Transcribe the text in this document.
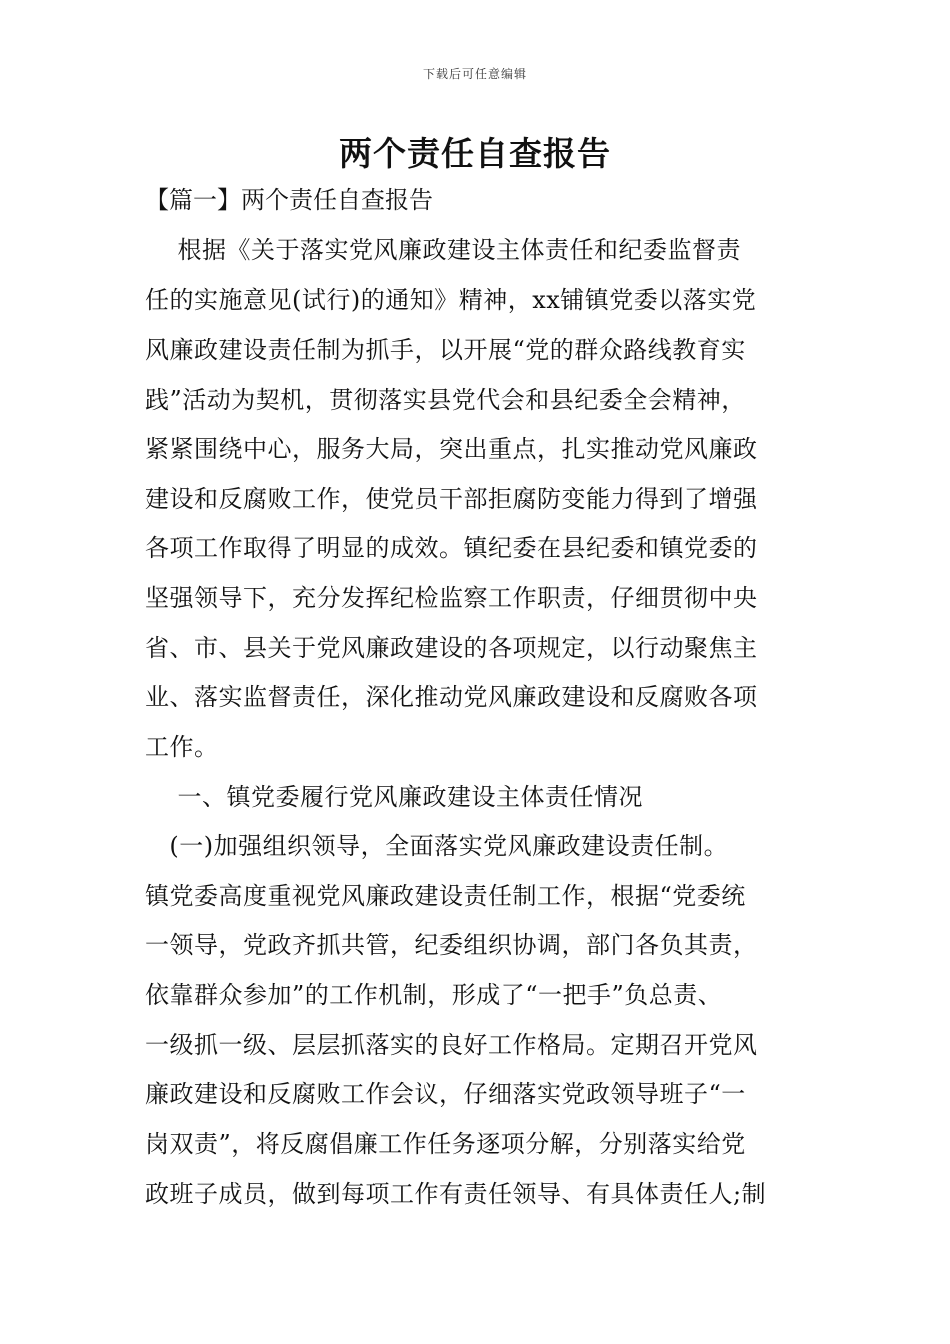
下载后可任意编辑
两个责任自查报告
【篇一】两个责任自查报告
根据《关于落实党风廉政建设主体责任和纪委监督责
任的实施意见(试行)的通知》精神，xx铺镇党委以落实党
风廉政建设责任制为抓手，以开展“党的群众路线教育实
践”活动为契机，贯彻落实县党代会和县纪委全会精神，
紧紧围绕中心，服务大局，突出重点，扎实推动党风廉政
建设和反腐败工作，使党员干部拒腐防变能力得到了增强
各项工作取得了明显的成效。镇纪委在县纪委和镇党委的
坚强领导下，充分发挥纪检监察工作职责，仔细贯彻中央
省、市、县关于党风廉政建设的各项规定，以行动聚焦主
业、落实监督责任，深化推动党风廉政建设和反腐败各项
工作。
一、镇党委履行党风廉政建设主体责任情况
(一)加强组织领导，全面落实党风廉政建设责任制。
镇党委高度重视党风廉政建设责任制工作，根据“党委统
一领导，党政齐抓共管，纪委组织协调，部门各负其责，
依靠群众参加”的工作机制，形成了“一把手”负总责、
一级抓一级、层层抓落实的良好工作格局。定期召开党风
廉政建设和反腐败工作会议，仔细落实党政领导班子“一
岗双责”，将反腐倡廉工作任务逐项分解，分别落实给党
政班子成员，做到每项工作有责任领导、有具体责任人;制
